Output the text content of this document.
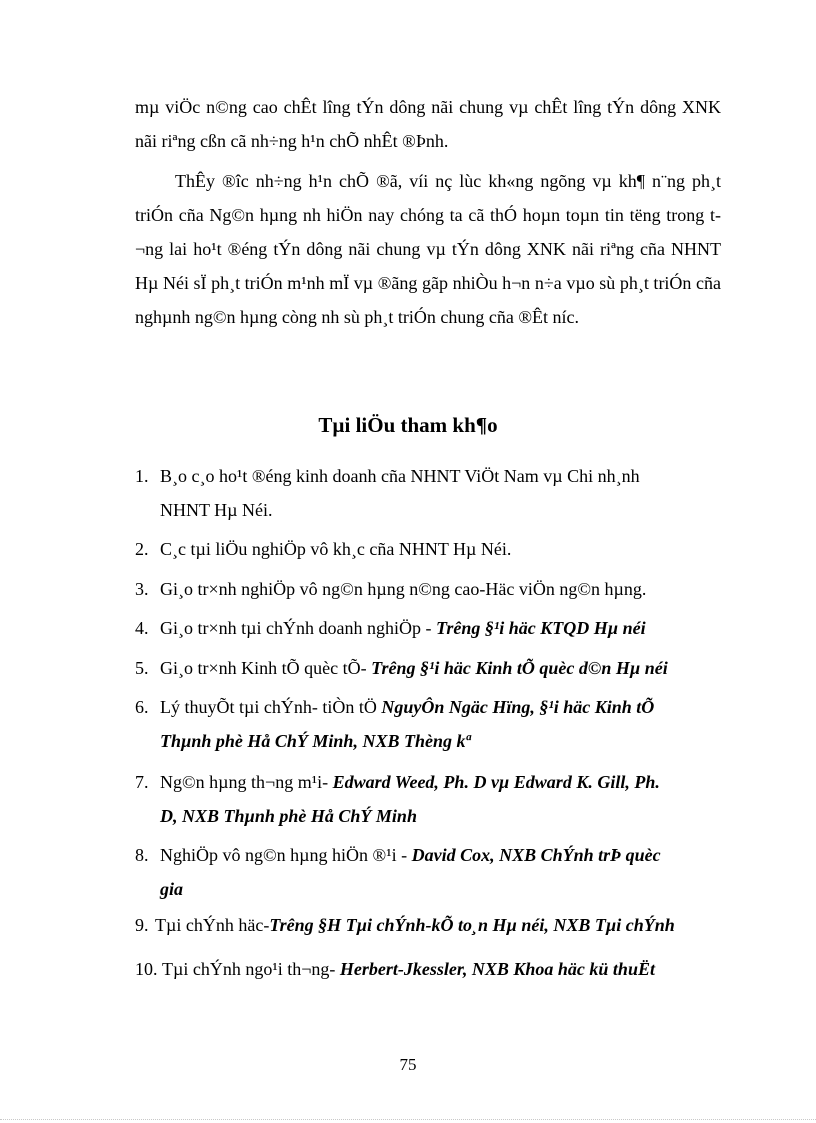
mµ viÖc n©ng cao chÊt lîng tÝn dông nãi chung vµ chÊt lîng tÝn dông XNK nãi riªng cßn cã nh÷ng h¹n chÕ nhÊt ®Þnh.

ThÊy ®îc nh÷ng h¹n chÕ ®ã, víi nç lùc kh«ng ngõng vµ kh¶ n¨ng ph¸t triÓn cña Ng©n hµng nh hiÖn nay chóng ta cã thÓ hoµn toµn tin tëng trong t¬ng lai ho¹t ®éng tÝn dông nãi chung vµ tÝn dông XNK nãi riªng cña NHNT Hµ Néi sÏ ph¸t triÓn m¹nh mÏ vµ ®ãng gãp nhiÒu h¬n n÷a vµo sù ph¸t triÓn cña nghµnh ng©n hµng còng nh sù ph¸t triÓn chung cña ®Êt níc.

Tµi liÖu tham kh¶o

1. B¸o c¸o ho¹t ®éng kinh doanh cña NHNT ViÖt Nam vµ Chi nh¸nh
NHNT Hµ Néi.

2. C¸c tµi liÖu nghiÖp vô kh¸c cña NHNT Hµ Néi.

3. Gi¸o tr×nh nghiÖp vô ng©n hµng n©ng cao-Häc viÖn ng©n hµng.

4. Gi¸o tr×nh tµi chÝnh doanh nghiÖp - Trêng §¹i häc KTQD Hµ néi

5. Gi¸o tr×nh Kinh tÕ quèc tÕ- Trêng §¹i häc Kinh tÕ quèc d©n Hµ néi

6. Lý thuyÕt tµi chÝnh- tiÒn tÖ NguyÔn Ngäc Hïng, §¹i häc Kinh tÕ
Thµnh phè Hå ChÝ Minh, NXB Thèng kª

7. Ng©n hµng th¬ng m¹i- Edward Weed, Ph. D vµ Edward K. Gill, Ph.
D, NXB Thµnh phè Hå ChÝ Minh

8. NghiÖp vô ng©n hµng hiÖn ®¹i - David Cox, NXB ChÝnh trÞ quèc
gia

9. Tµi chÝnh häc-Trêng §H Tµi chÝnh-kÕ to¸n Hµ néi, NXB Tµi chÝnh

10. Tµi chÝnh ngo¹i th¬ng- Herbert-Jkessler, NXB Khoa häc kü thuËt

75
